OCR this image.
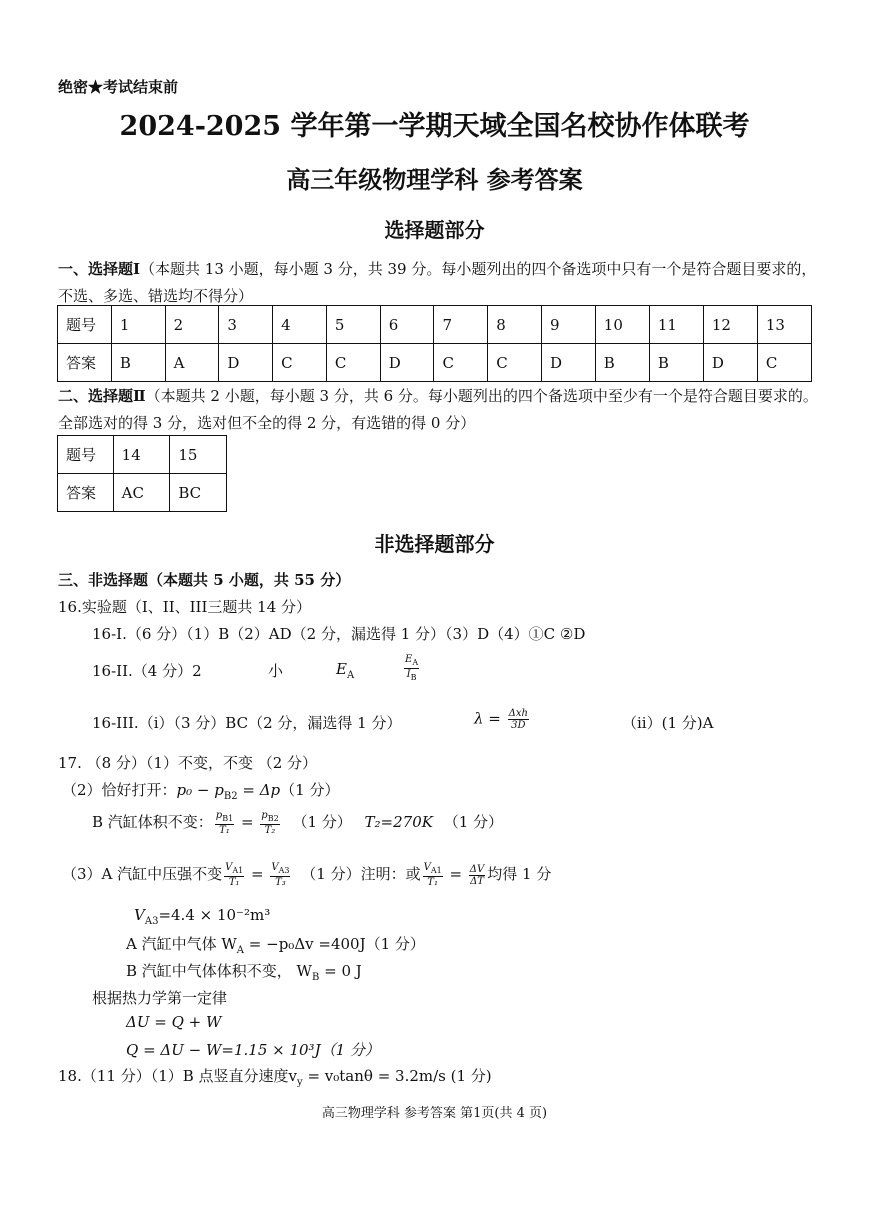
绝密★考试结束前
2024-2025 学年第一学期天域全国名校协作体联考
高三年级物理学科 参考答案
选择题部分
一、选择题Ⅰ（本题共 13 小题，每小题 3 分，共 39 分。每小题列出的四个备选项中只有一个是符合题目要求的，不选、多选、错选均不得分）
题号	1	2	3	4	5	6	7	8	9	10	11	12	13
答案	B	A	D	C	C	D	C	C	D	B	B	D	C
二、选择题Ⅱ（本题共 2 小题，每小题 3 分，共 6 分。每小题列出的四个备选项中至少有一个是符合题目要求的。全部选对的得 3 分，选对但不全的得 2 分，有选错的得 0 分）
题号	14	15
答案	AC	BC
非选择题部分
三、非选择题（本题共 5 小题，共 55 分）
16.实验题（I、II、III三题共 14 分）
16-I.（6 分）（1）B（2）AD（2 分，漏选得 1 分）（3）D（4）①C ②D
16-II.（4 分）2	小	$E_A$	$\frac{E_A}{I_B}$
16-III.（i）（3 分）BC（2 分，漏选得 1 分）	$\lambda = \frac{\text{Δxh}}{3D}$	（ii）(1 分)A
17. （8 分）（1）不变，不变 （2 分）
（2）恰好打开：$p_0 - p_{B2} = \Delta p(1$ 分）
B 汽缸体积不变： $\frac{p_{B1}}{\text{T₁}} = \frac{p_{B2}}{\text{T₂}} (1$ 分） T₂=270K （1 分）
（3）A 汽缸中压强不变 $\frac{V_{A1}}{\text{T₁}} = \frac{V_{A3}}{\text{T₃}} (1$ 分）注明：或 $\frac{V_{A1}}{\text{T₁}} = \frac{\Delta V}{\Delta T}$ 均得 1 分
$V_{A3}=4.4 \times 10^{-2}m^3$
A 汽缸中气体 $W_A = -p_0\Delta v =400J(1$ 分）
B 汽缸中气体体积不变， $W_B = 0$ J
根据热力学第一定律
ΔU = Q + W
Q = ΔU − W=1.15 × 10³J（1 分）
18.（11 分）（1）B 点竖直分速度$v_y = v_0\tan\theta = 3.2m/s$ (1 分)
高三物理学科 参考答案 第1页(共 4 页)
